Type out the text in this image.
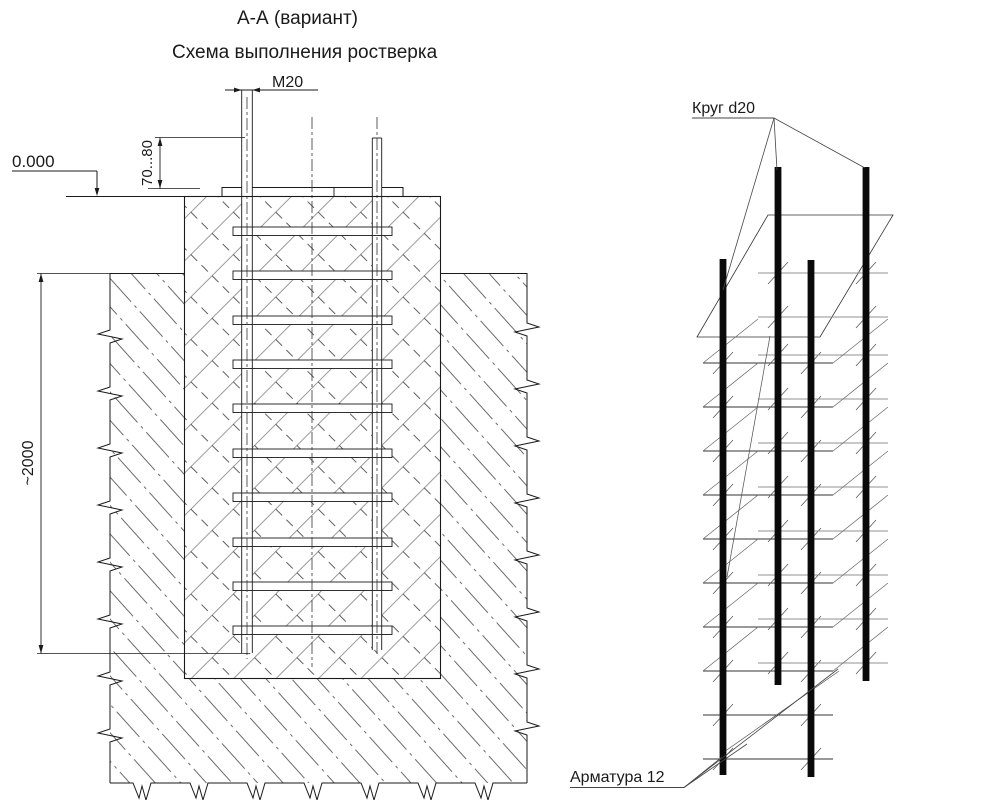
0.000
М20
70...80
~2000
Круг d20
Арматура 12
А-А (вариант)
Схема выполнения ростверка
